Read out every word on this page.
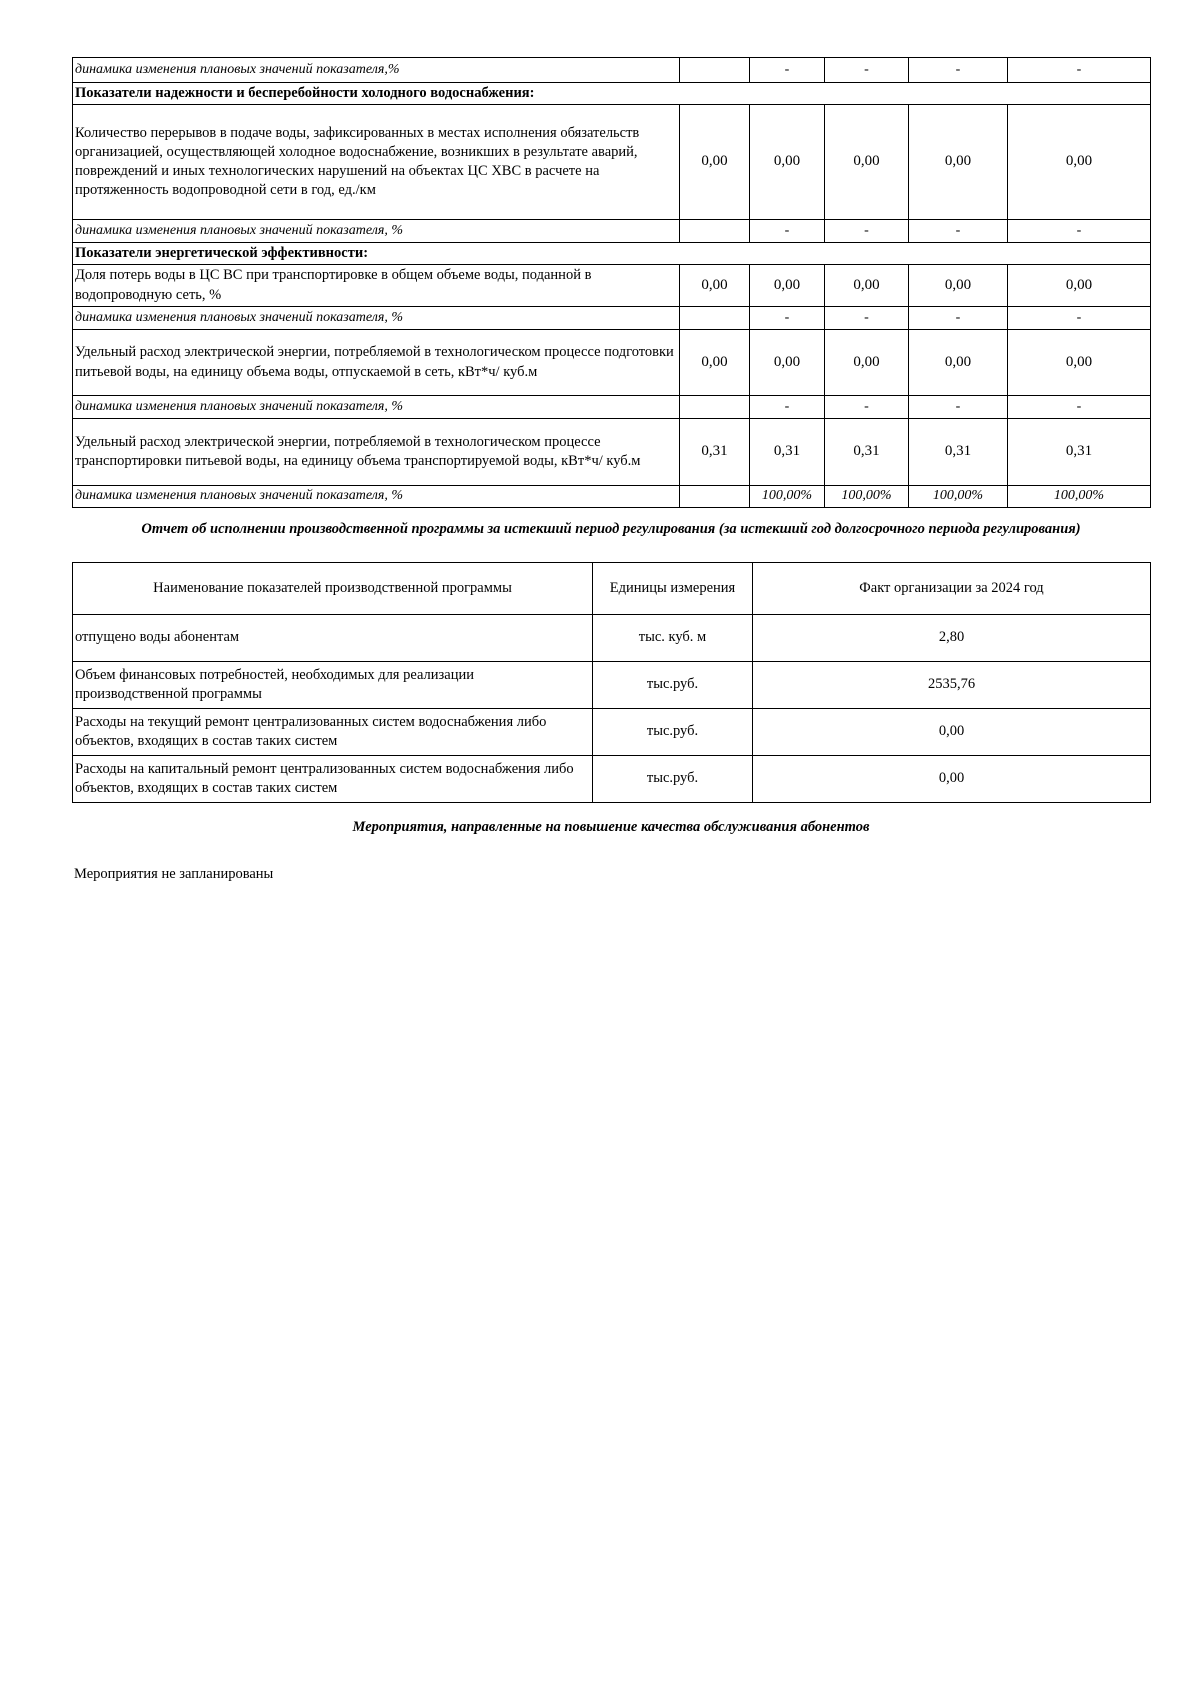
динамика изменения плановых значений показателя,%		-	-	-	-
Показатели надежности и бесперебойности холодного водоснабжения:					
Количество перерывов в подаче воды, зафиксированных в местах исполнения обязательств организацией, осуществляющей холодное водоснабжение, возникших в результате аварий, повреждений и иных технологических нарушений на объектах ЦС ХВС в расчете на протяженность водопроводной сети в год, ед./км	0,00	0,00	0,00	0,00	0,00
динамика изменения плановых значений показателя, %		-	-	-	-
Показатели энергетической эффективности:					
Доля потерь воды в ЦС ВС при транспортировке в общем объеме воды, поданной в водопроводную сеть, %	0,00	0,00	0,00	0,00	0,00
динамика изменения плановых значений показателя, %		-	-	-	-
Удельный расход электрической энергии, потребляемой в технологическом процессе подготовки питьевой воды, на единицу объема воды, отпускаемой в сеть, кВт*ч/ куб.м	0,00	0,00	0,00	0,00	0,00
динамика изменения плановых значений показателя, %		-	-	-	-
Удельный расход электрической энергии, потребляемой в технологическом процессе транспортировки питьевой воды, на единицу объема транспортируемой воды, кВт*ч/ куб.м	0,31	0,31	0,31	0,31	0,31
динамика изменения плановых значений показателя, %		100,00%	100,00%	100,00%	100,00%
Отчет об исполнении производственной программы за истекший период регулирования (за истекший год долгосрочного периода регулирования)
Наименование показателей производственной программы	Единицы измерения	Факт организации за 2024 год
отпущено воды абонентам	тыс. куб. м	2,80
Объем финансовых потребностей, необходимых для реализации производственной программы	тыс.руб.	2535,76
Расходы на текущий ремонт централизованных систем водоснабжения либо объектов, входящих в состав таких систем	тыс.руб.	0,00
Расходы на капитальный ремонт централизованных систем водоснабжения либо объектов, входящих в состав таких систем	тыс.руб.	0,00
Мероприятия, направленные на повышение качества обслуживания абонентов
Мероприятия не запланированы
